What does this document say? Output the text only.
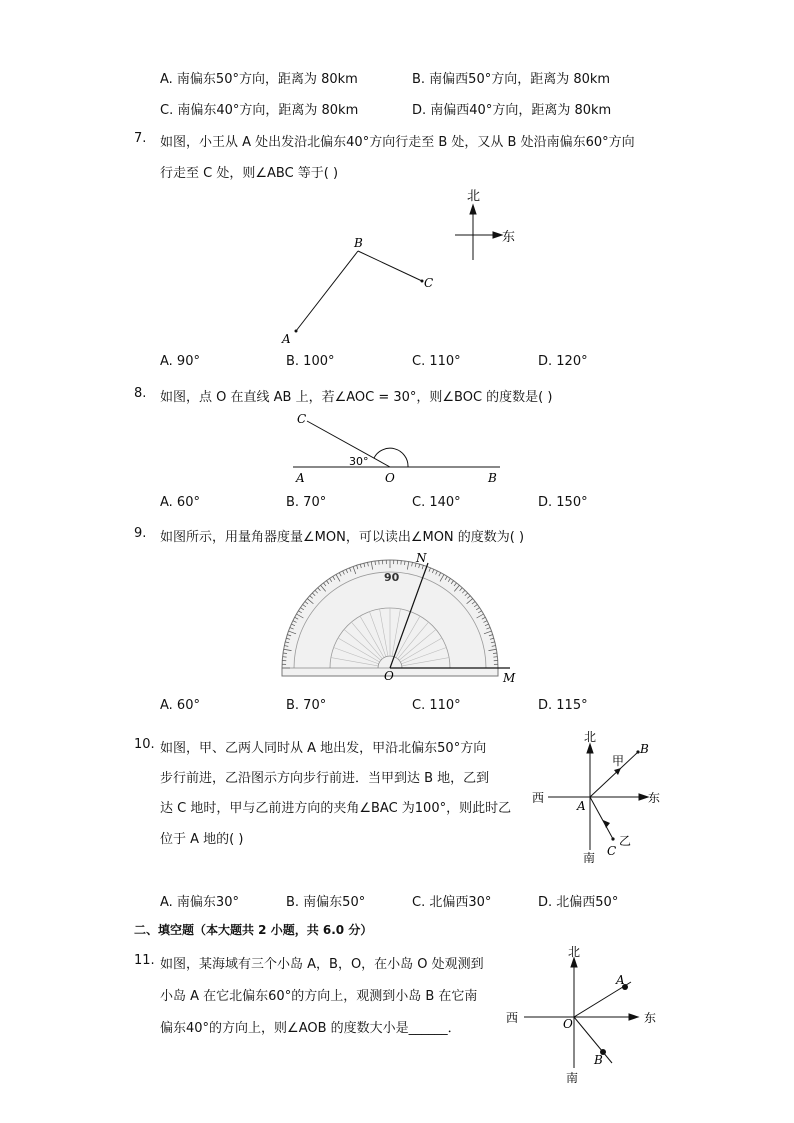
A. 南偏东50°方向，距离为 80km	B. 南偏西50°方向，距离为 80km
C. 南偏东40°方向，距离为 80km	D. 南偏西40°方向，距离为 80km
7. 如图，小王从 A 处出发沿北偏东40°方向行走至 B 处，又从 B 处沿南偏东60°方向
行走至 C 处，则∠ABC 等于( )
北
东
A
B
C
A. 90°	B. 100°	C. 110°	D. 120°
8. 如图，点 O 在直线 AB 上，若∠AOC = 30°，则∠BOC 的度数是( )
30°
C
A	O	B
A. 60°	B. 70°	C. 140°	D. 150°
9. 如图所示，用量角器度量∠MON，可以读出∠MON 的度数为( )
90
N
O	M
A. 60°	B. 70°	C. 110°	D. 115°
10. 如图，甲、乙两人同时从 A 地出发，甲沿北偏东50°方向
步行前进，乙沿图示方向步行前进．当甲到达 B 地，乙到
达 C 地时，甲与乙前进方向的夹角∠BAC 为100°，则此时乙
位于 A 地的( )
北
南
西	东
甲
乙
B
C
A
A. 南偏东30°	B. 南偏东50°	C. 北偏西30°	D. 北偏西50°
二、填空题（本大题共 2 小题，共 6.0 分）
11. 如图，某海域有三个小岛 A，B，O，在小岛 O 处观测到
小岛 A 在它北偏东60°的方向上，观测到小岛 B 在它南
偏东40°的方向上，则∠AOB 的度数大小是______．
北
南
西	东
A
B
O
